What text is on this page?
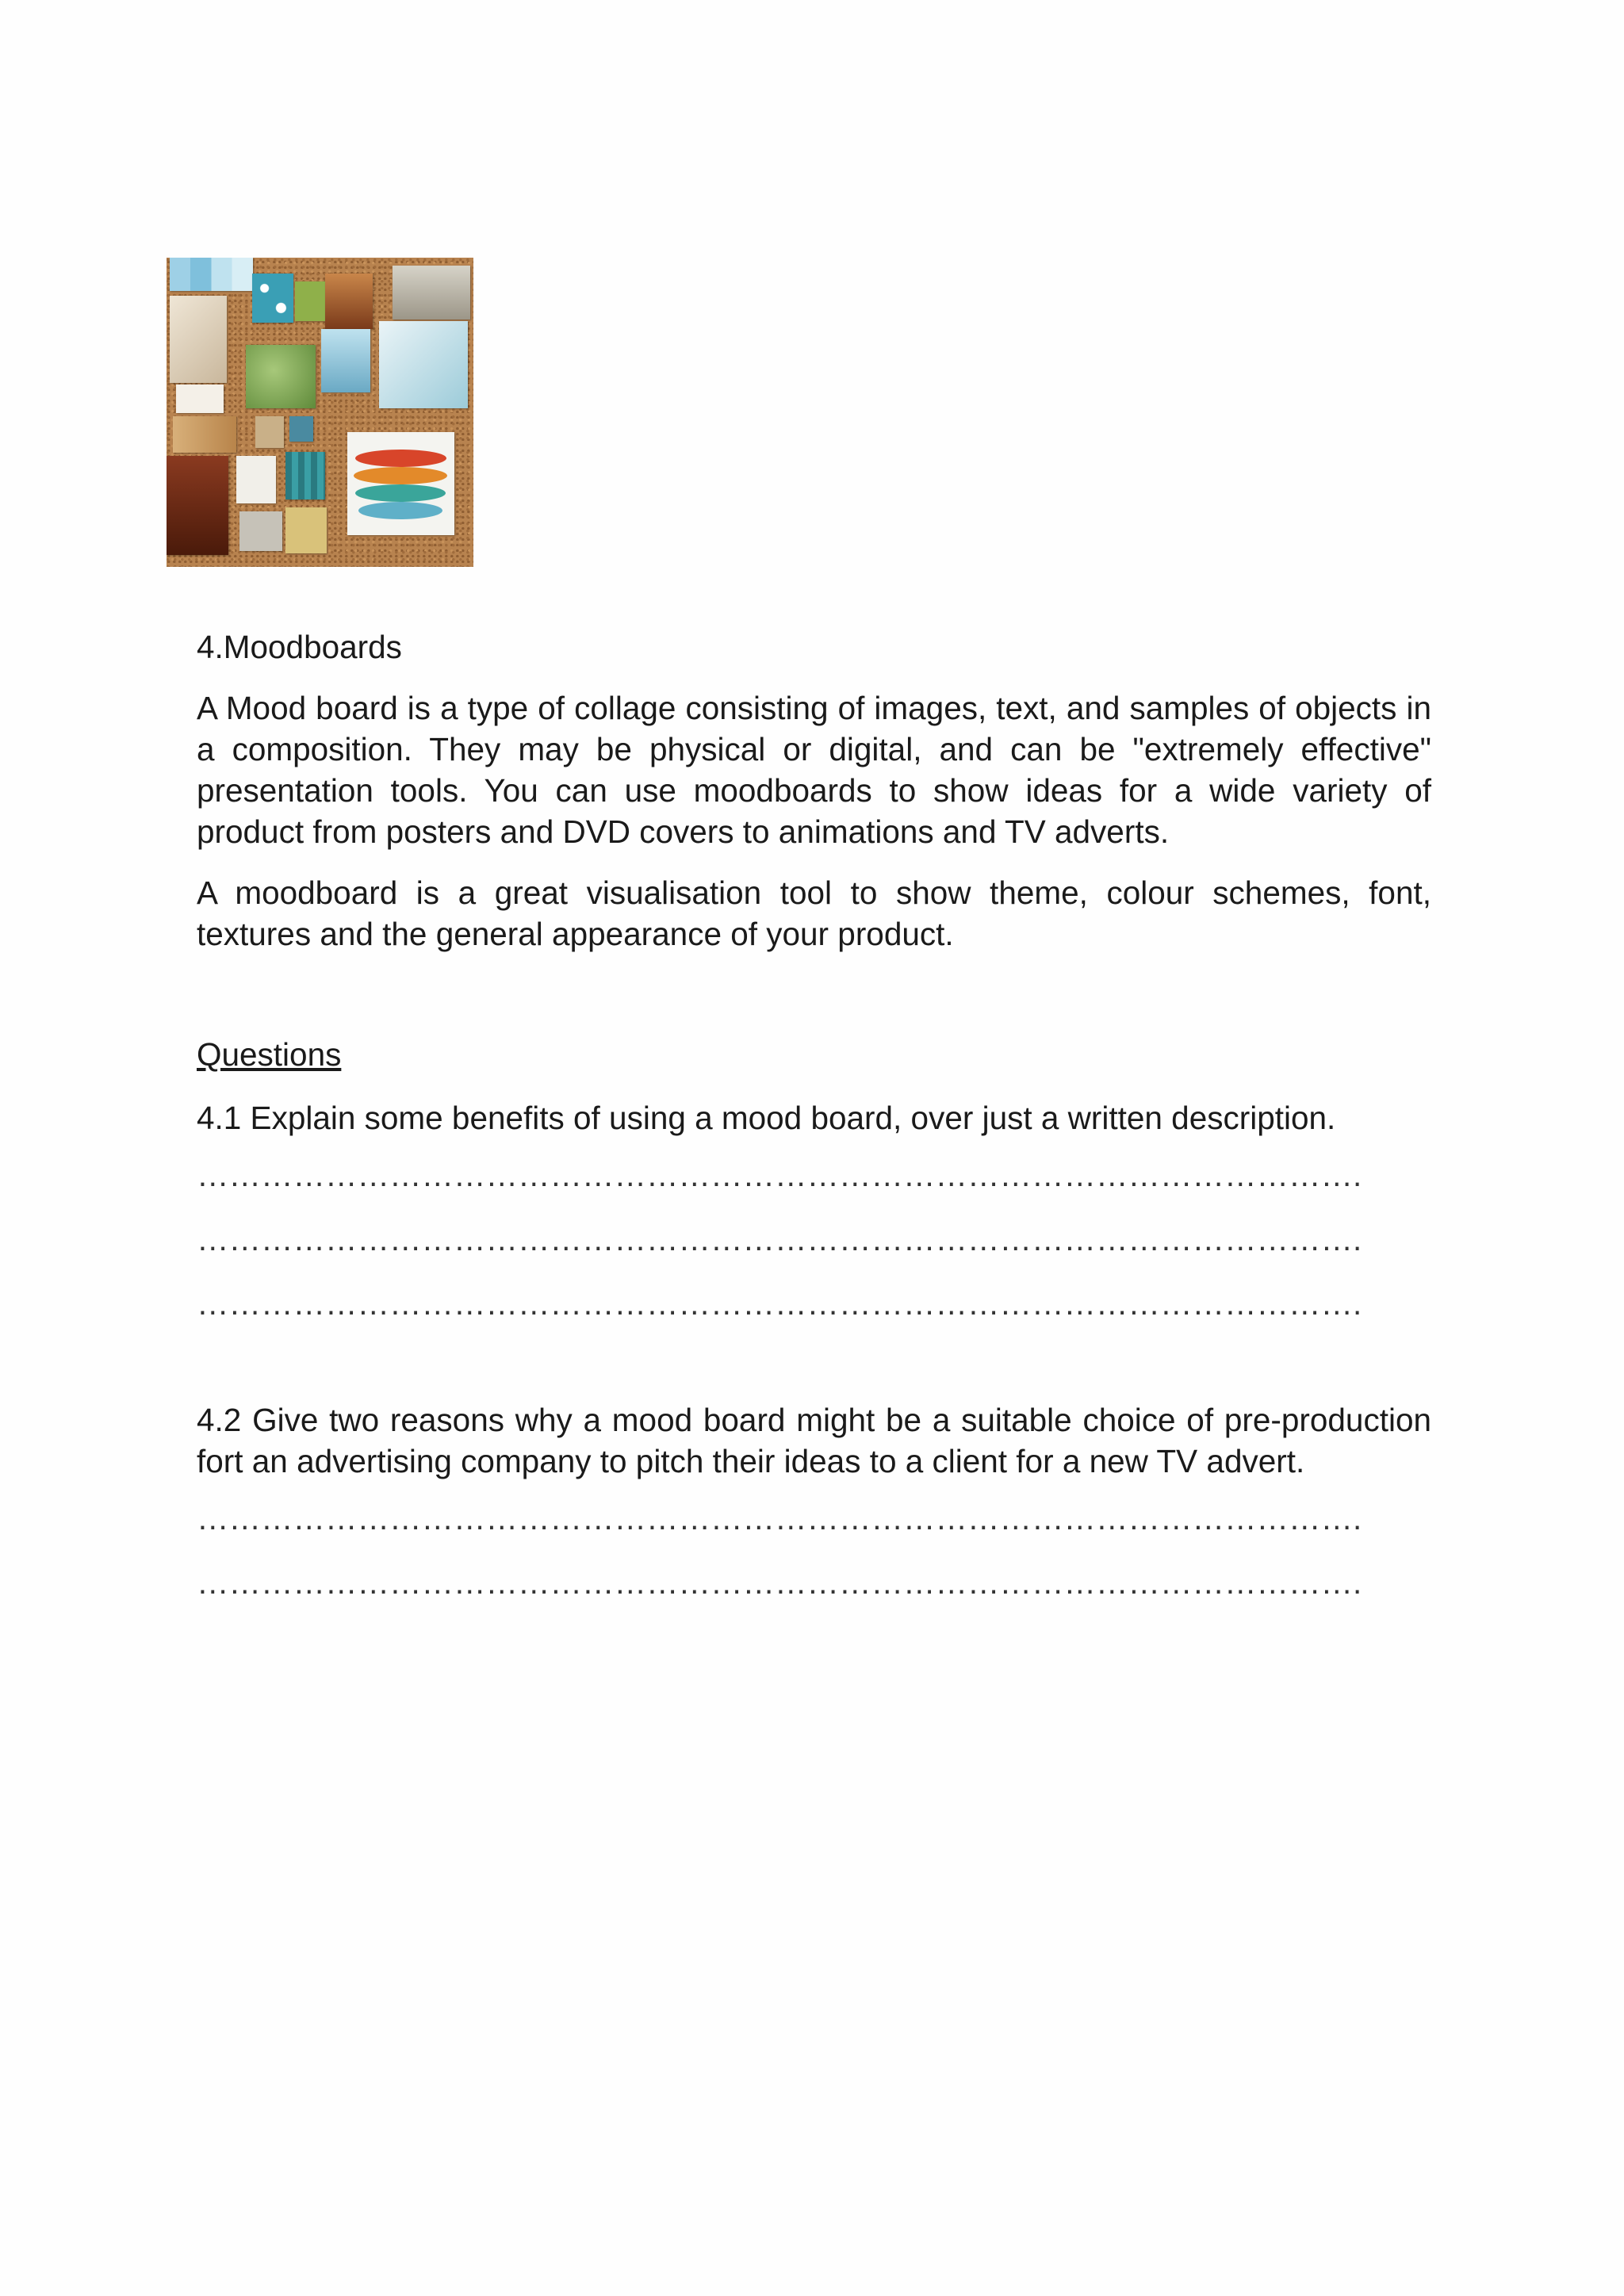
4.Moodboards

A Mood board is a type of collage consisting of images, text, and samples of objects in a composition. They may be physical or digital, and can be "extremely effective" presentation tools. You can use moodboards to show ideas for a wide variety of product from posters and DVD covers to animations and TV adverts.

A moodboard is a great visualisation tool to show theme, colour schemes, font, textures and the general appearance of your product.

Questions
4.1 Explain some benefits of using a mood board, over just a written description.
……………………………………………………………………………………………….
……………………………………………………………………………………………….
……………………………………………………………………………………………….
4.2 Give two reasons why a mood board might be a suitable choice of pre-production fort an advertising company to pitch their ideas to a client for a new TV advert.
……………………………………………………………………………………………….
……………………………………………………………………………………………….
